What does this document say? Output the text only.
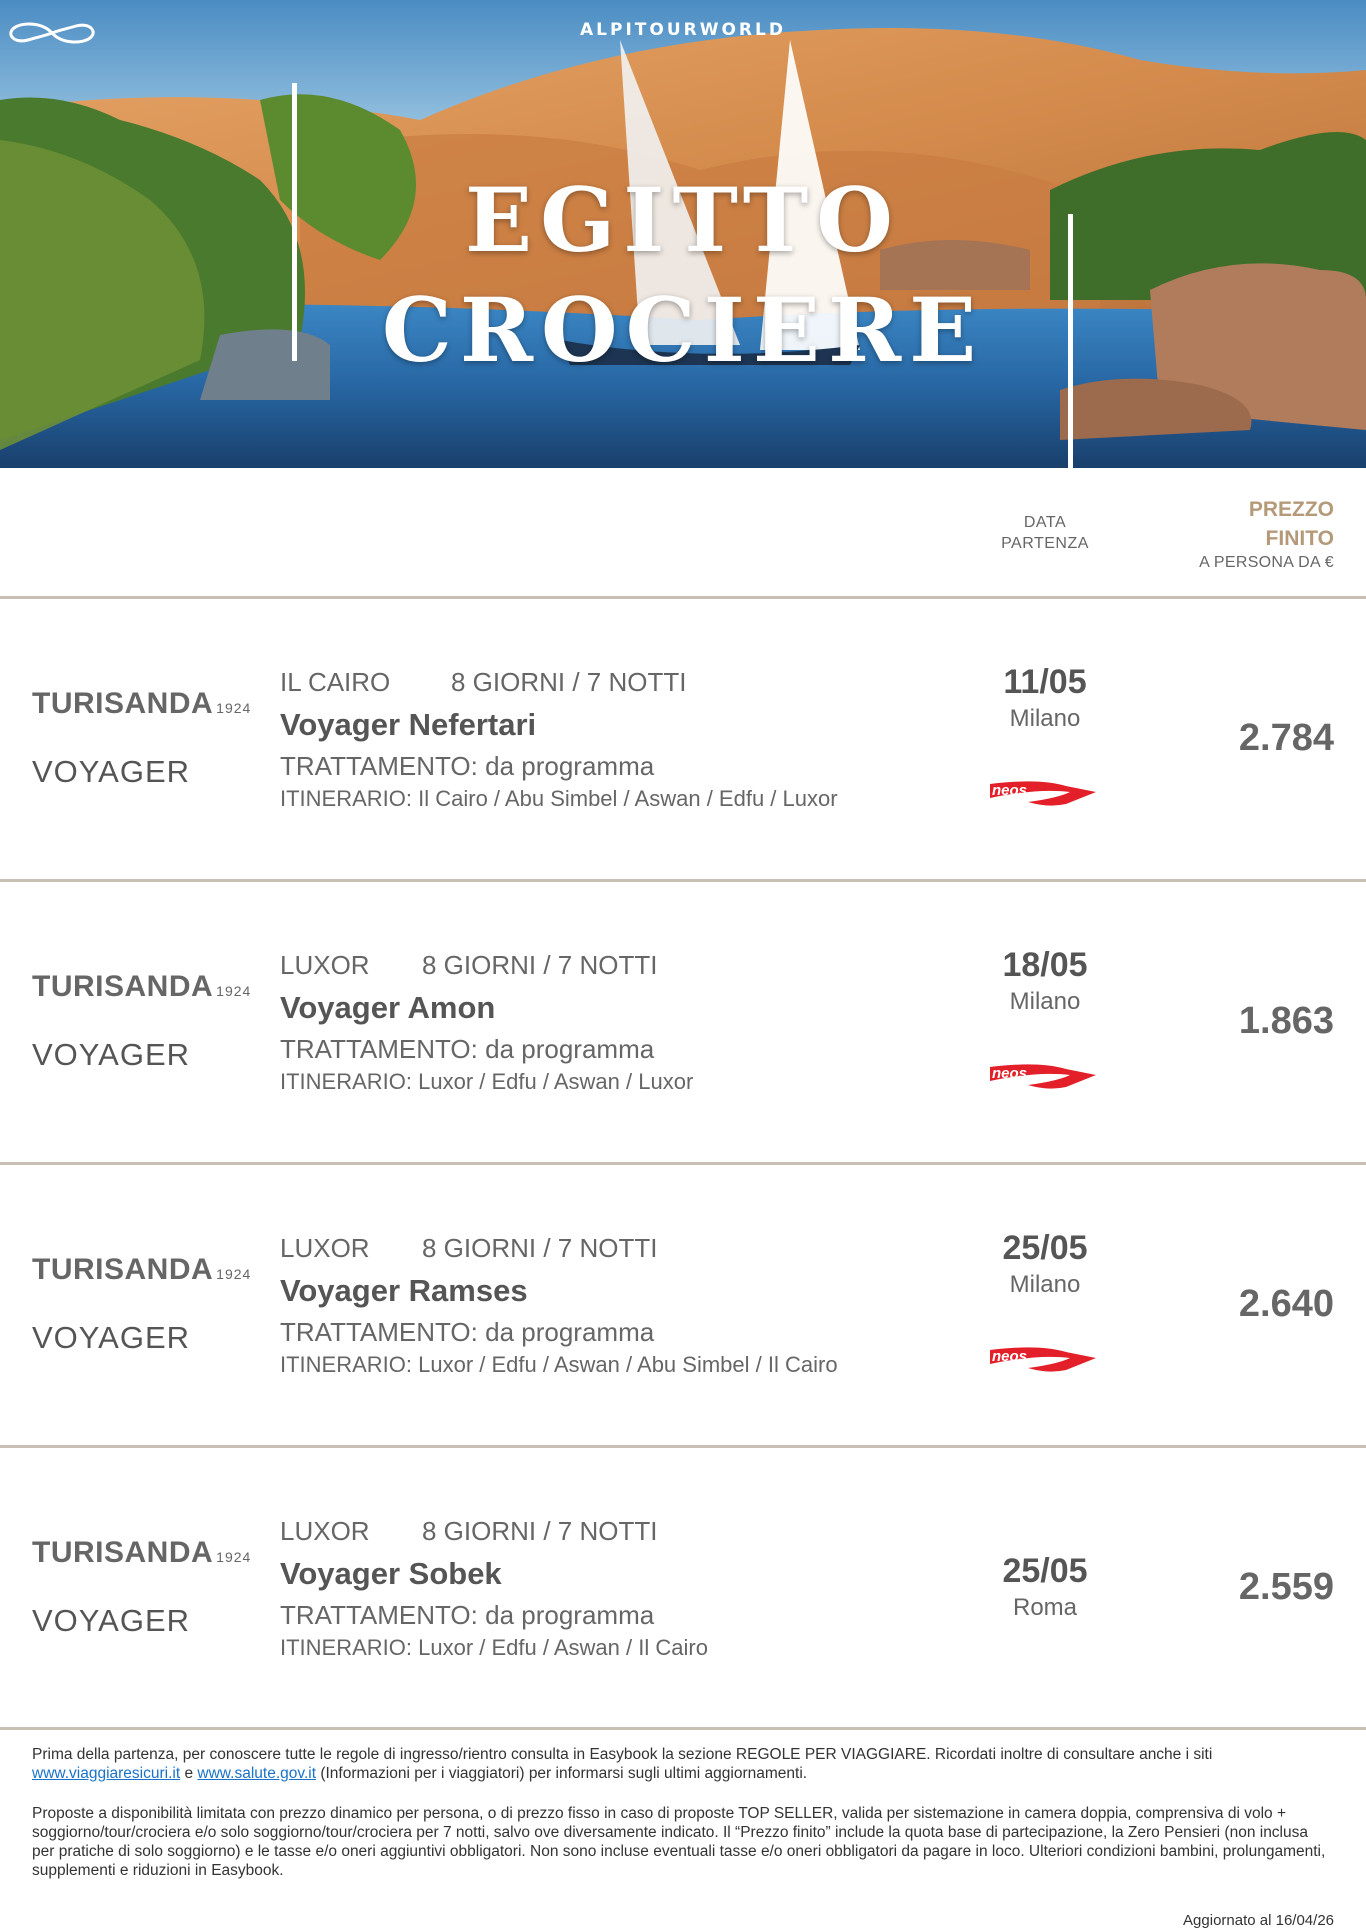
ALPITOURWORLD
EGITTO
CROCIERE
DATA
PARTENZA
PREZZO
FINITO
A PERSONA DA €
TURISANDA 1924
VOYAGER
IL CAIRO 8 GIORNI / 7 NOTTI
Voyager Nefertari
TRATTAMENTO: da programma
ITINERARIO: Il Cairo / Abu Simbel / Aswan / Edfu / Luxor
11/05
Milano
neos
2.784
TURISANDA 1924
VOYAGER
LUXOR 8 GIORNI / 7 NOTTI
Voyager Amon
TRATTAMENTO: da programma
ITINERARIO: Luxor / Edfu / Aswan / Luxor
18/05
Milano
neos
1.863
TURISANDA 1924
VOYAGER
LUXOR 8 GIORNI / 7 NOTTI
Voyager Ramses
TRATTAMENTO: da programma
ITINERARIO: Luxor / Edfu / Aswan / Abu Simbel / Il Cairo
25/05
Milano
neos
2.640
TURISANDA 1924
VOYAGER
LUXOR 8 GIORNI / 7 NOTTI
Voyager Sobek
TRATTAMENTO: da programma
ITINERARIO: Luxor / Edfu / Aswan / Il Cairo
25/05
Roma	2.559
Prima della partenza, per conoscere tutte le regole di ingresso/rientro consulta in Easybook la sezione REGOLE PER VIAGGIARE. Ricordati inoltre di consultare anche i siti www.viaggiaresicuri.it e www.salute.gov.it (Informazioni per i viaggiatori) per informarsi sugli ultimi aggiornamenti.
Proposte a disponibilità limitata con prezzo dinamico per persona, o di prezzo fisso in caso di proposte TOP SELLER, valida per sistemazione in camera doppia, comprensiva di volo + soggiorno/tour/crociera e/o solo soggiorno/tour/crociera per 7 notti, salvo ove diversamente indicato. Il “Prezzo finito” include la quota base di partecipazione, la Zero Pensieri (non inclusa per pratiche di solo soggiorno) e le tasse e/o oneri aggiuntivi obbligatori. Non sono incluse eventuali tasse e/o oneri obbligatori da pagare in loco. Ulteriori condizioni bambini, prolungamenti, supplementi e riduzioni in Easybook.
Aggiornato al 16/04/26
